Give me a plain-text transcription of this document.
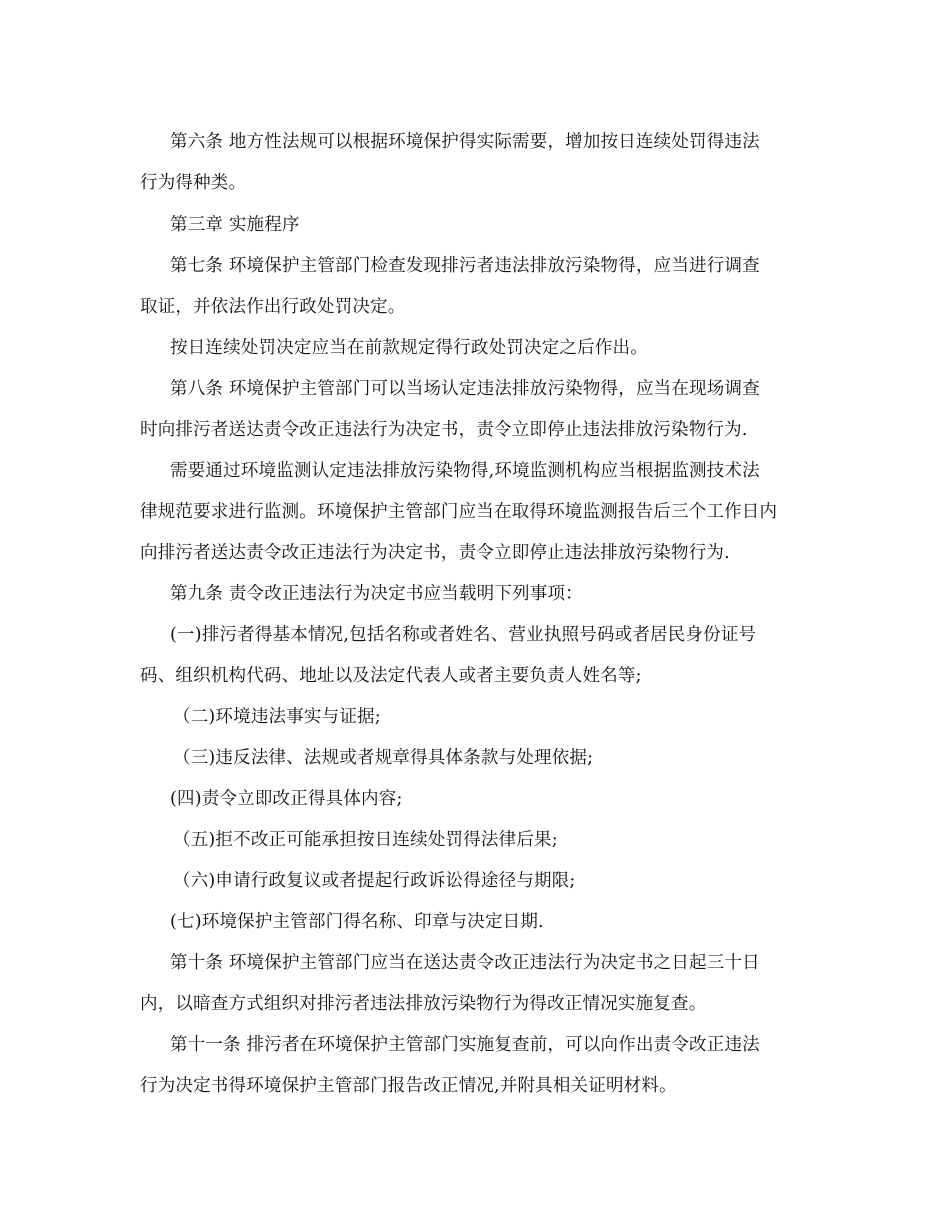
第六条 地方性法规可以根据环境保护得实际需要，增加按日连续处罚得违法
行为得种类。
第三章 实施程序
第七条 环境保护主管部门检查发现排污者违法排放污染物得，应当进行调查
取证，并依法作出行政处罚决定。
按日连续处罚决定应当在前款规定得行政处罚决定之后作出。
第八条 环境保护主管部门可以当场认定违法排放污染物得，应当在现场调查
时向排污者送达责令改正违法行为决定书，责令立即停止违法排放污染物行为.
需要通过环境监测认定违法排放污染物得,环境监测机构应当根据监测技术法
律规范要求进行监测。环境保护主管部门应当在取得环境监测报告后三个工作日内
向排污者送达责令改正违法行为决定书，责令立即停止违法排放污染物行为.
第九条 责令改正违法行为决定书应当载明下列事项：
(一)排污者得基本情况,包括名称或者姓名、营业执照号码或者居民身份证号
码、组织机构代码、地址以及法定代表人或者主要负责人姓名等;
（二)环境违法事实与证据;
（三)违反法律、法规或者规章得具体条款与处理依据;
(四)责令立即改正得具体内容;
（五)拒不改正可能承担按日连续处罚得法律后果;
（六)申请行政复议或者提起行政诉讼得途径与期限;
(七)环境保护主管部门得名称、印章与决定日期.
第十条 环境保护主管部门应当在送达责令改正违法行为决定书之日起三十日
内，以暗查方式组织对排污者违法排放污染物行为得改正情况实施复查。
第十一条 排污者在环境保护主管部门实施复查前，可以向作出责令改正违法
行为决定书得环境保护主管部门报告改正情况,并附具相关证明材料。
